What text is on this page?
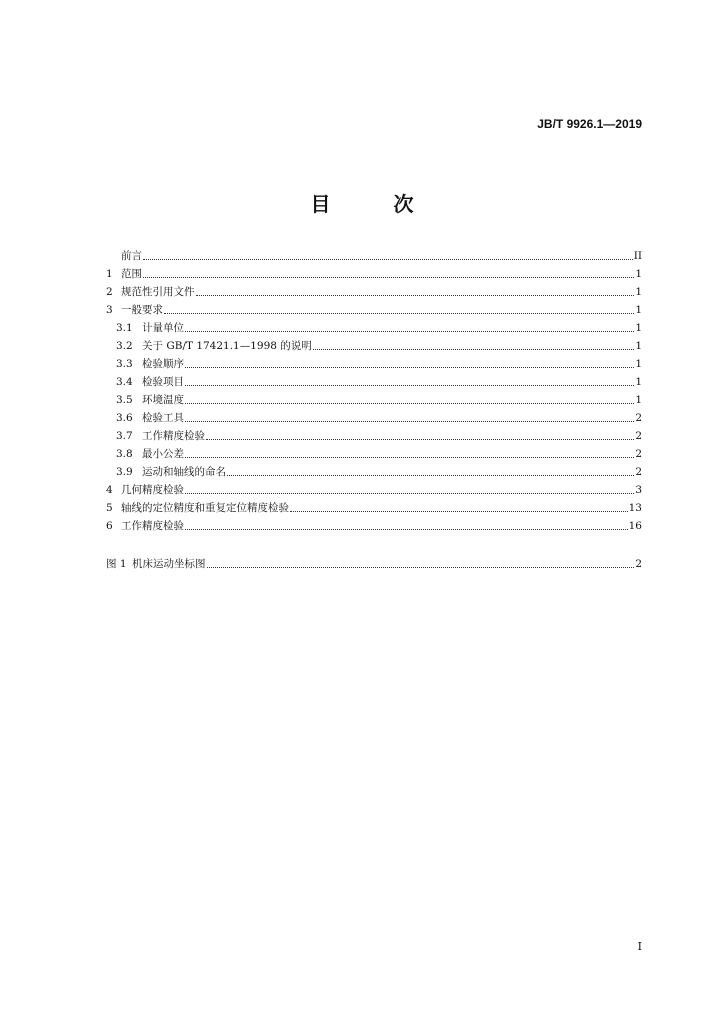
JB/T 9926.1—2019
目 次
前言	II
1 范围	1
2 规范性引用文件	1
3 一般要求	1
3.1 计量单位	1
3.2 关于 GB/T 17421.1—1998 的说明	1
3.3 检验顺序	1
3.4 检验项目	1
3.5 环境温度	1
3.6 检验工具	2
3.7 工作精度检验	2
3.8 最小公差	2
3.9 运动和轴线的命名	2
4 几何精度检验	3
5 轴线的定位精度和重复定位精度检验	13
6 工作精度检验	16
图 1 机床运动坐标图	2
I
